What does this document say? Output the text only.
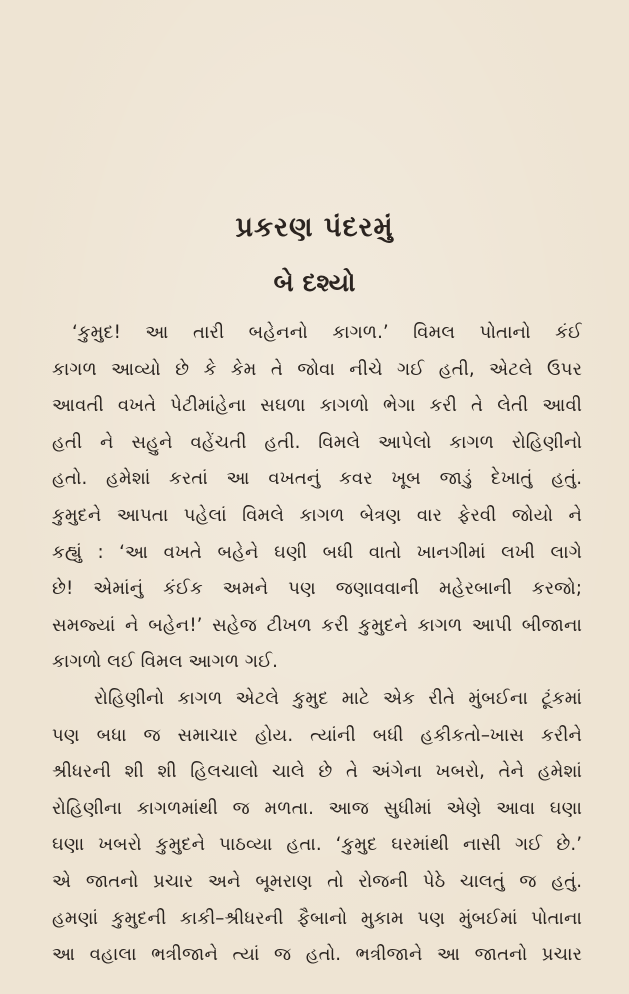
પ્રકરણ પંદરમું
બે દશ્યો
‘કુમુદ! આ તારી બહેનનો કાગળ.’ વિમલ પોતાનો કંઈ
કાગળ આવ્યો છે કે કેમ તે જોવા નીચે ગઈ હતી, એટલે ઉપર
આવતી વખતે પેટીમાંહેના સઘળા કાગળો ભેગા કરી તે લેતી આવી
હતી ને સહુને વહેંચતી હતી. વિમલે આપેલો કાગળ રોહિણીનો
હતો. હમેશાં કરતાં આ વખતનું કવર ખૂબ જાડું દેખાતું હતું.
કુમુદને આપતા પહેલાં વિમલે કાગળ બેત્રણ વાર ફેરવી જોયો ને
કહ્યું : ‘આ વખતે બહેને ઘણી બધી વાતો ખાનગીમાં લખી લાગે
છે! એમાંનું કંઈક અમને પણ જણાવવાની મહેરબાની કરજો;
સમજ્યાં ને બહેન!’ સહેજ ટીખળ કરી કુમુદને કાગળ આપી બીજાના
કાગળો લઈ વિમલ આગળ ગઈ.
રોહિણીનો કાગળ એટલે કુમુદ માટે એક રીતે મુંબઈના ટૂંકમાં
પણ બધા જ સમાચાર હોય. ત્યાંની બધી હકીકતો–ખાસ કરીને
શ્રીધરની શી શી હિલચાલો ચાલે છે તે અંગેના ખબરો, તેને હમેશાં
રોહિણીના કાગળમાંથી જ મળતા. આજ સુધીમાં એણે આવા ઘણા
ઘણા ખબરો કુમુદને પાઠવ્યા હતા. ‘કુમુદ ઘરમાંથી નાસી ગઈ છે.’
એ જાતનો પ્રચાર અને બૂમરાણ તો રોજની પેઠે ચાલતું જ હતું.
હમણાં કુમુદની કાકી–શ્રીધરની ફૈબાનો મુકામ પણ મુંબઈમાં પોતાના
આ વહાલા ભત્રીજાને ત્યાં જ હતો. ભત્રીજાને આ જાતનો પ્રચાર
